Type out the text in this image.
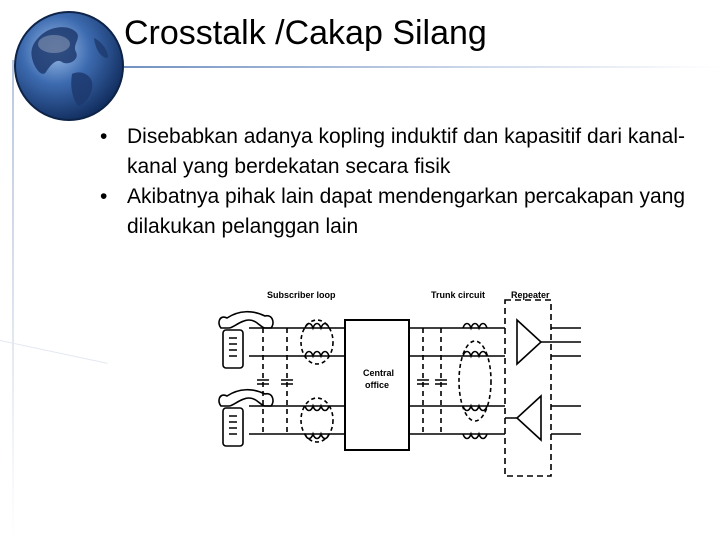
Crosstalk /Cakap Silang
• Disebabkan adanya kopling induktif dan kapasitif dari kanal- kanal yang berdekatan secara fisik
• Akibatnya pihak lain dapat mendengarkan percakapan yang dilakukan pelanggan lain
Subscriber loop	Trunk circuit	Repeater
Central
office
